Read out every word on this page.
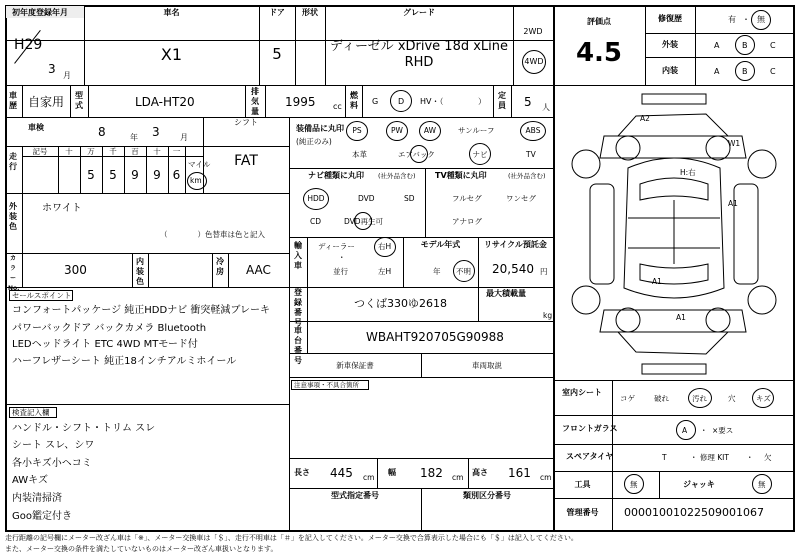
初年度登録年月
H29
3 月
車名
X1
ドア
5
形状	グレード
ディーゼル xDrive 18d xLine
RHD
2WD
4WD
評価点
4.5
修復歴	有 ・ 無
外装	A	B	C
内装	A	B	C
車歴 自家用 型式	LDA-HT20
排気量
1995 cc
燃料 G D HV・（	）
定員 5 人
車検	8	年 3	月
シフト
FAT
走行
記号	十	万	千	百	十	一
5	5	9	9 6
マイル
km
外装色
ホワイト
（　　　　）色替車は色と記入
カラーNo.
300
内装色
冷房 AAC
セールスポイント
コンフォートパッケージ 純正HDDナビ 衝突軽減ブレーキ
パワーバックドア バックカメラ Bluetooth
LEDヘッドライト ETC 4WD MTモード付
ハーフレザーシート 純正18インチアルミホイール
検査記入欄
ハンドル・シフト・トリム スレ
シート スレ、シワ
各小キズ小ヘコミ
AWキズ
内装清掃済
Goo鑑定付き
装備品に丸印
(純正のみ)
PS	PW	AW	サンルーフ	ABS
本革	エアバック	ナビ	TV
ナビ種類に丸印 (社外品含む)
HDD	DVD	SD
CD	DVD再生可
TV種類に丸印	(社外品含む)
フルセグ	ワンセグ
アナログ
輸入車
ディーラー
・
並行
右H
左H
モデル年式
年 不明
リサイクル預託金
20,540 円
登録番号
つくば330ゆ2618
最大積載量
kg
車台番号
WBAHT920705G90988
新車保証書	車両取説
注意事項・不具合箇所
長さ 445 cm
幅 182 cm
高さ 161 cm
型式指定番号	類別区分番号
A2
W1
A1
A1
A1
H:右
室内シート
コゲ	破れ	汚れ	穴	キズ
フロントガラス	A ・ ×要ス
スペアタイヤ	T	・ 修理 KIT ・ 欠
工具	無	ジャッキ	無
管理番号	00001001022509001067
走行距離の記号欄にメーター改ざん車は「※」、メーター交換車は「＄」、走行不明車は「＃」を記入してください。メーター交換で合算表示した場合にも「＄」は記入してください。
また、メーター交換の条件を満たしていないものはメーター改ざん車扱いとなります。
